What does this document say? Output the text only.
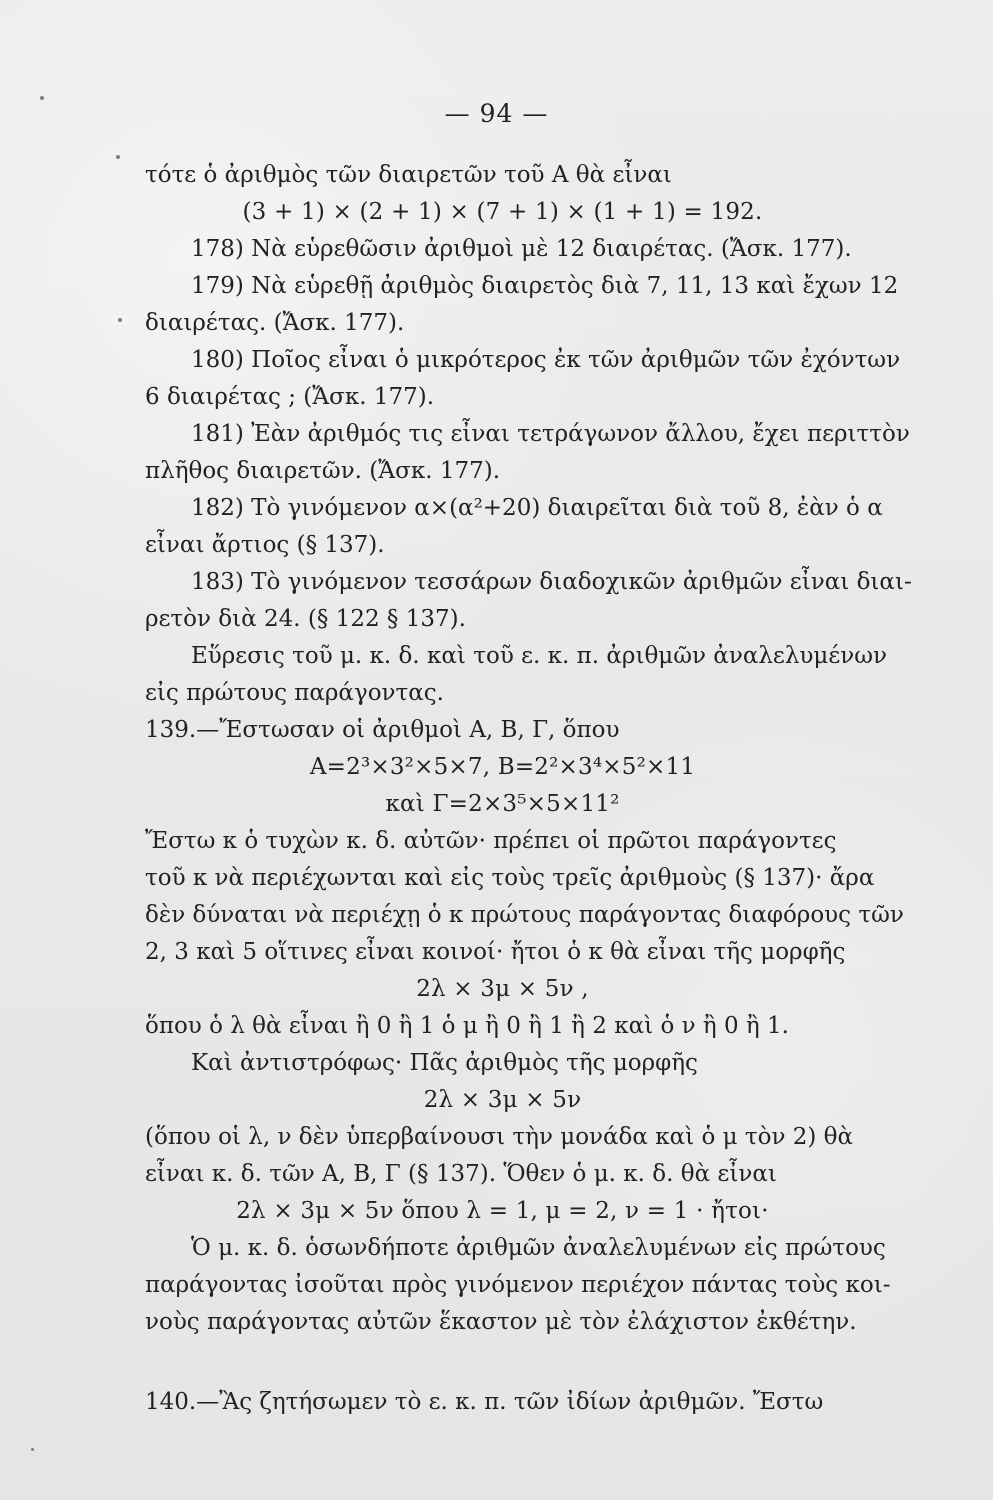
— 94 —
τότε ὁ ἀριθμὸς τῶν διαιρετῶν τοῦ Α θὰ εἶναι
(3 + 1) × (2 + 1) × (7 + 1) × (1 + 1) = 192.
178) Νὰ εὑρεθῶσιν ἀριθμοὶ μὲ 12 διαιρέτας. (Ἄσκ. 177).
179) Νὰ εὑρεθῇ ἀριθμὸς διαιρετὸς διὰ 7, 11, 13 καὶ ἔχων 12
διαιρέτας. (Ἄσκ. 177).
180) Ποῖος εἶναι ὁ μικρότερος ἐκ τῶν ἀριθμῶν τῶν ἐχόντων
6 διαιρέτας ; (Ἄσκ. 177).
181) Ἐὰν ἀριθμός τις εἶναι τετράγωνον ἄλλου, ἔχει περιττὸν
πλῆθος διαιρετῶν. (Ἄσκ. 177).
182) Τὸ γινόμενον α×(α²+20) διαιρεῖται διὰ τοῦ 8, ἐὰν ὁ α
εἶναι ἄρτιος (§ 137).
183) Τὸ γινόμενον τεσσάρων διαδοχικῶν ἀριθμῶν εἶναι διαι-
ρετὸν διὰ 24. (§ 122 § 137).
Εὕρεσις τοῦ μ. κ. δ. καὶ τοῦ ε. κ. π. ἀριθμῶν ἀναλελυμένων
εἰς πρώτους παράγοντας.
139.—Ἔστωσαν οἱ ἀριθμοὶ Α, Β, Γ, ὅπου
Α=2³×3²×5×7, Β=2²×3⁴×5²×11
καὶ Γ=2×3⁵×5×11²
Ἔστω κ ὁ τυχὼν κ. δ. αὐτῶν· πρέπει οἱ πρῶτοι παράγοντες
τοῦ κ νὰ περιέχωνται καὶ εἰς τοὺς τρεῖς ἀριθμοὺς (§ 137)· ἄρα
δὲν δύναται νὰ περιέχῃ ὁ κ πρώτους παράγοντας διαφόρους τῶν
2, 3 καὶ 5 οἵτινες εἶναι κοινοί· ἤτοι ὁ κ θὰ εἶναι τῆς μορφῆς
2λ × 3μ × 5ν ,
ὅπου ὁ λ θὰ εἶναι ἢ 0 ἢ 1 ὁ μ ἢ 0 ἢ 1 ἢ 2 καὶ ὁ ν ἢ 0 ἢ 1.
Καὶ ἀντιστρόφως· Πᾶς ἀριθμὸς τῆς μορφῆς
2λ × 3μ × 5ν
(ὅπου οἱ λ, ν δὲν ὑπερβαίνουσι τὴν μονάδα καὶ ὁ μ τὸν 2) θὰ
εἶναι κ. δ. τῶν Α, Β, Γ (§ 137). Ὅθεν ὁ μ. κ. δ. θὰ εἶναι
2λ × 3μ × 5ν ὅπου λ = 1, μ = 2, ν = 1 · ἤτοι·
Ὁ μ. κ. δ. ὁσωνδήποτε ἀριθμῶν ἀναλελυμένων εἰς πρώτους
παράγοντας ἰσοῦται πρὸς γινόμενον περιέχον πάντας τοὺς κοι-
νοὺς παράγοντας αὐτῶν ἕκαστον μὲ τὸν ἐλάχιστον ἐκθέτην.
140.—Ἂς ζητήσωμεν τὸ ε. κ. π. τῶν ἰδίων ἀριθμῶν. Ἔστω
